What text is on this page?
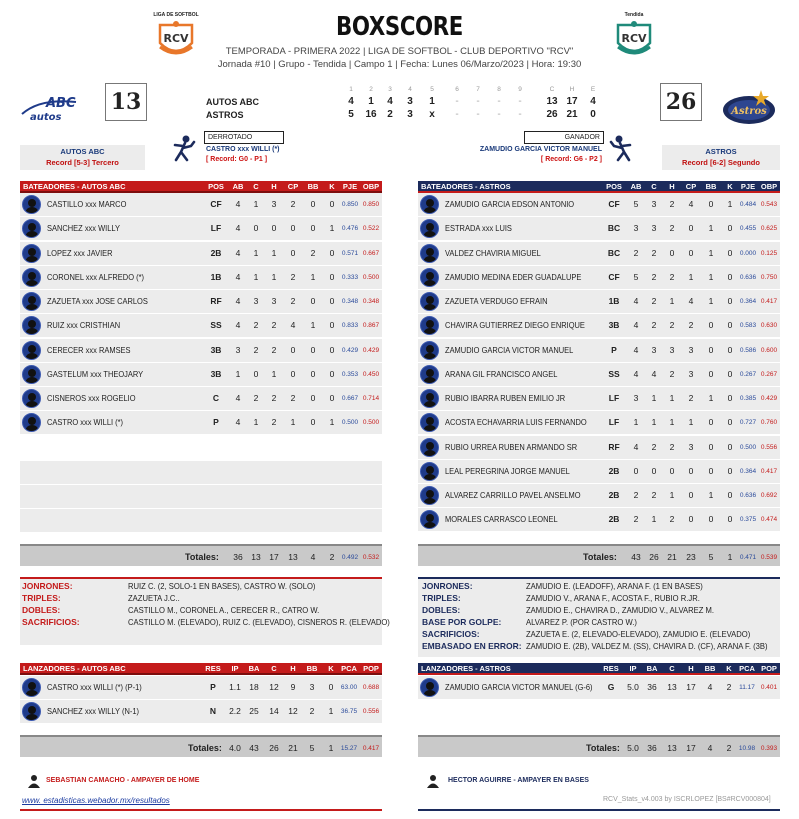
LIGA DE SOFTBOL
RCV
Tendida
RCV
BOXSCORE
TEMPORADA - PRIMERA 2022 | LIGA DE SOFTBOL - CLUB DEPORTIVO "RCV"
Jornada #10 | Grupo - Tendida | Campo 1 | Fecha: Lunes 06/Marzo/2023 | Hora: 19:30
ABC
autos
Astros
13	26
AUTOS ABC
ASTROS
1	2	3	4	5	6	7	8	9	C	H	E
4	1	4	3	1	-	-	-	-	13 17	4
5	16	2	3	x	-	-	-	-	26 21	0
DERROTADO
CASTRO xxx WILLI (*)
[ Record: G0 - P1 ]
GANADOR
ZAMUDIO GARCIA VICTOR MANUEL
[ Record: G6 - P2 ]
AUTOS ABC
Record [5-3] Tercero
ASTROS
Record [6-2] Segundo
BATEADORES - AUTOS ABC	POS	AB	C	H	CP	BB	K	PJE OBP
CASTILLO xxx MARCO	CF	4	1	3	2	0	0	0.850 0.850
SANCHEZ xxx WILLY	LF	4	0	0	0	0	1	0.476 0.522
LOPEZ xxx JAVIER	2B	4	1	1	0	2	0	0.571 0.667
CORONEL xxx ALFREDO (*)	1B	4	1	1	2	1	0	0.333 0.500
ZAZUETA xxx JOSE CARLOS	RF	4	3	3	2	0	0	0.348 0.348
RUIZ xxx CRISTHIAN	SS	4	2	2	4	1	0	0.833 0.867
CERECER xxx RAMSES	3B	3	2	2	0	0	0	0.429 0.429
GASTELUM xxx THEOJARY	3B	1	0	1	0	0	0	0.353 0.450
CISNEROS xxx ROGELIO	C	4	2	2	2	0	0	0.667 0.714
CASTRO xxx WILLI (*)	P	4	1	2	1	0	1	0.500 0.500
Totales:	36	13	17	13	4	2	0.492 0.532
BATEADORES - ASTROS	POS	AB	C	H	CP	BB	K	PJE OBP
ZAMUDIO GARCIA EDSON ANTONIO	CF	5	3	2	4	0	1	0.484 0.543
ESTRADA xxx LUIS	BC	3	3	2	0	1	0	0.455 0.625
VALDEZ CHAVIRIA MIGUEL	BC	2	2	0	0	1	0	0.000 0.125
ZAMUDIO MEDINA EDER GUADALUPE	CF	5	2	2	1	1	0	0.636 0.750
ZAZUETA VERDUGO EFRAIN	1B	4	2	1	4	1	0	0.364 0.417
CHAVIRA GUTIERREZ DIEGO ENRIQUE	3B	4	2	2	2	0	0	0.583 0.630
ZAMUDIO GARCIA VICTOR MANUEL	P	4	3	3	3	0	0	0.586 0.600
ARANA GIL FRANCISCO ANGEL	SS	4	4	2	3	0	0	0.267 0.267
RUBIO IBARRA RUBEN EMILIO JR	LF	3	1	1	2	1	0	0.385 0.429
ACOSTA ECHAVARRIA LUIS FERNANDO	LF	1	1	1	1	0	0	0.727 0.760
RUBIO URREA RUBEN ARMANDO SR	RF	4	2	2	3	0	0	0.500 0.556
LEAL PEREGRINA JORGE MANUEL	2B	0	0	0	0	0	0	0.364 0.417
ALVAREZ CARRILLO PAVEL ANSELMO	2B	2	2	1	0	1	0	0.636 0.692
MORALES CARRASCO LEONEL	2B	2	1	2	0	0	0	0.375 0.474
Totales:	43	26	21	23	5	1	0.471 0.539
JONRONES:	RUIZ C. (2, SOLO-1 EN BASES), CASTRO W. (SOLO)
TRIPLES:	ZAZUETA J.C..
DOBLES:	CASTILLO M., CORONEL A., CERECER R., CATRO W.
SACRIFICIOS:	CASTILLO M. (ELEVADO), RUIZ C. (ELEVADO), CISNEROS R. (ELEVADO)
JONRONES:	ZAMUDIO E. (LEADOFF), ARANA F. (1 EN BASES)
TRIPLES:	ZAMUDIO V., ARANA F., ACOSTA F., RUBIO R.JR.
DOBLES:	ZAMUDIO E., CHAVIRA D., ZAMUDIO V., ALVAREZ M.
BASE POR GOLPE:	ALVAREZ P. (POR CASTRO W.)
SACRIFICIOS:	ZAZUETA E. (2, ELEVADO-ELEVADO), ZAMUDIO E. (ELEVADO)
EMBASADO EN ERROR: ZAMUDIO E. (2B), VALDEZ M. (SS), CHAVIRA D. (CF), ARANA F. (3B)
LANZADORES - AUTOS ABC	RES	IP	BA	C	H	BB	K PCA POP
CASTRO xxx WILLI (*) (P-1)	P	1.1 18	12	9	3	0	63.00 0.688
SANCHEZ xxx WILLY (N-1)	N	2.2 25	14	12	2	1	36.75 0.556
Totales: 4.0 43	26	21	5	1	15.27 0.417
LANZADORES - ASTROS	RES	IP	BA	C	H	BB	K PCA POP
ZAMUDIO GARCIA VICTOR MANUEL (G-6)	G	5.0 36	13	17	4	2	11.17 0.401
Totales: 5.0 36	13	17	4	2	10.98 0.393
SEBASTIAN CAMACHO - AMPAYER DE HOME	HECTOR AGUIRRE - AMPAYER EN BASES
www. estadisticas.webador.mx/resultados	RCV_Stats_v4.003 by ISCRLOPEZ [BS#RCV000804]
